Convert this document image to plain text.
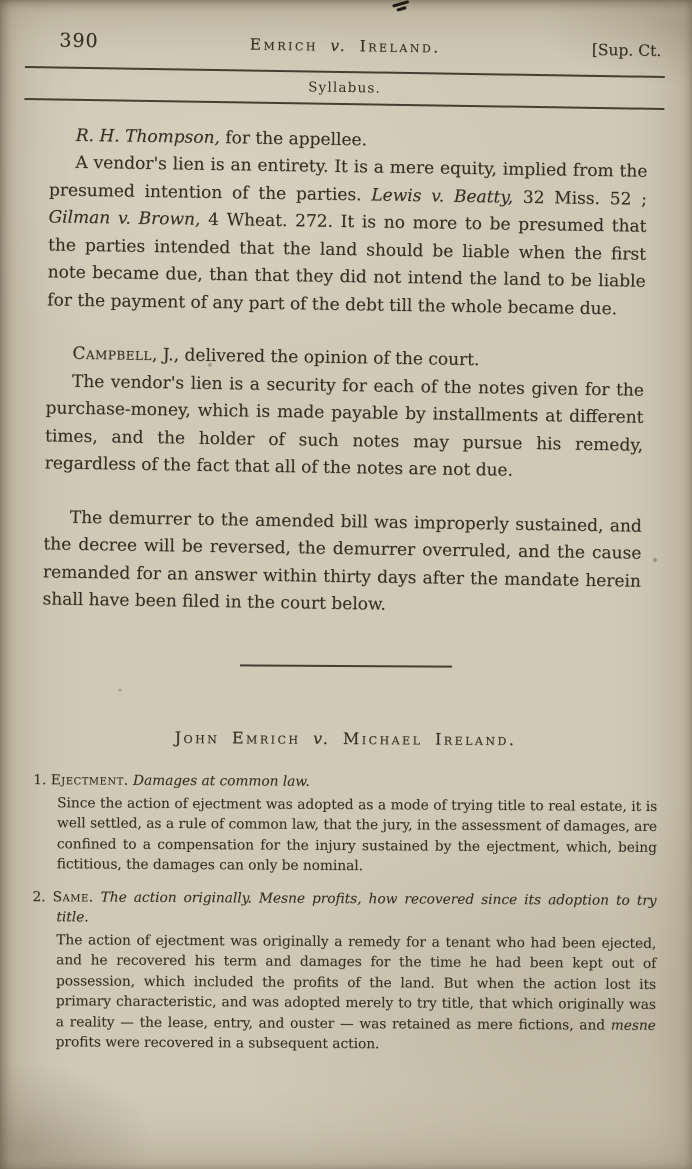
390	Emrich v. Ireland.	[Sup. Ct.
Syllabus.

R. H. Thompson, for the appellee.

A vendor's lien is an entirety. It is a mere equity, implied from the presumed intention of the parties. Lewis v. Beatty, 32 Miss. 52 ; Gilman v. Brown, 4 Wheat. 272. It is no more to be presumed that the parties intended that the land should be liable when the first note became due, than that they did not intend the land to be liable for the payment of any part of the debt till the whole became due.

Campbell, J., delivered the opinion of the court.

The vendor's lien is a security for each of the notes given for the purchase-money, which is made payable by installments at different times, and the holder of such notes may pursue his remedy, regardless of the fact that all of the notes are not due.

The demurrer to the amended bill was improperly sustained, and the decree will be reversed, the demurrer overruled, and the cause remanded for an answer within thirty days after the mandate herein shall have been filed in the court below.

John Emrich v. Michael Ireland.

1. Ejectment. Damages at common law.

Since the action of ejectment was adopted as a mode of trying title to real estate, it is well settled, as a rule of common law, that the jury, in the assessment of damages, are confined to a compensation for the injury sustained by the ejectment, which, being fictitious, the damages can only be nominal.

2. Same. The action originally. Mesne profits, how recovered since its adoption to try title.

The action of ejectment was originally a remedy for a tenant who had been ejected, and he recovered his term and damages for the time he had been kept out of possession, which included the profits of the land. But when the action lost its primary characteristic, and was adopted merely to try title, that which originally was a reality — the lease, entry, and ouster — was retained as mere fictions, and mesne profits were recovered in a subsequent action.
